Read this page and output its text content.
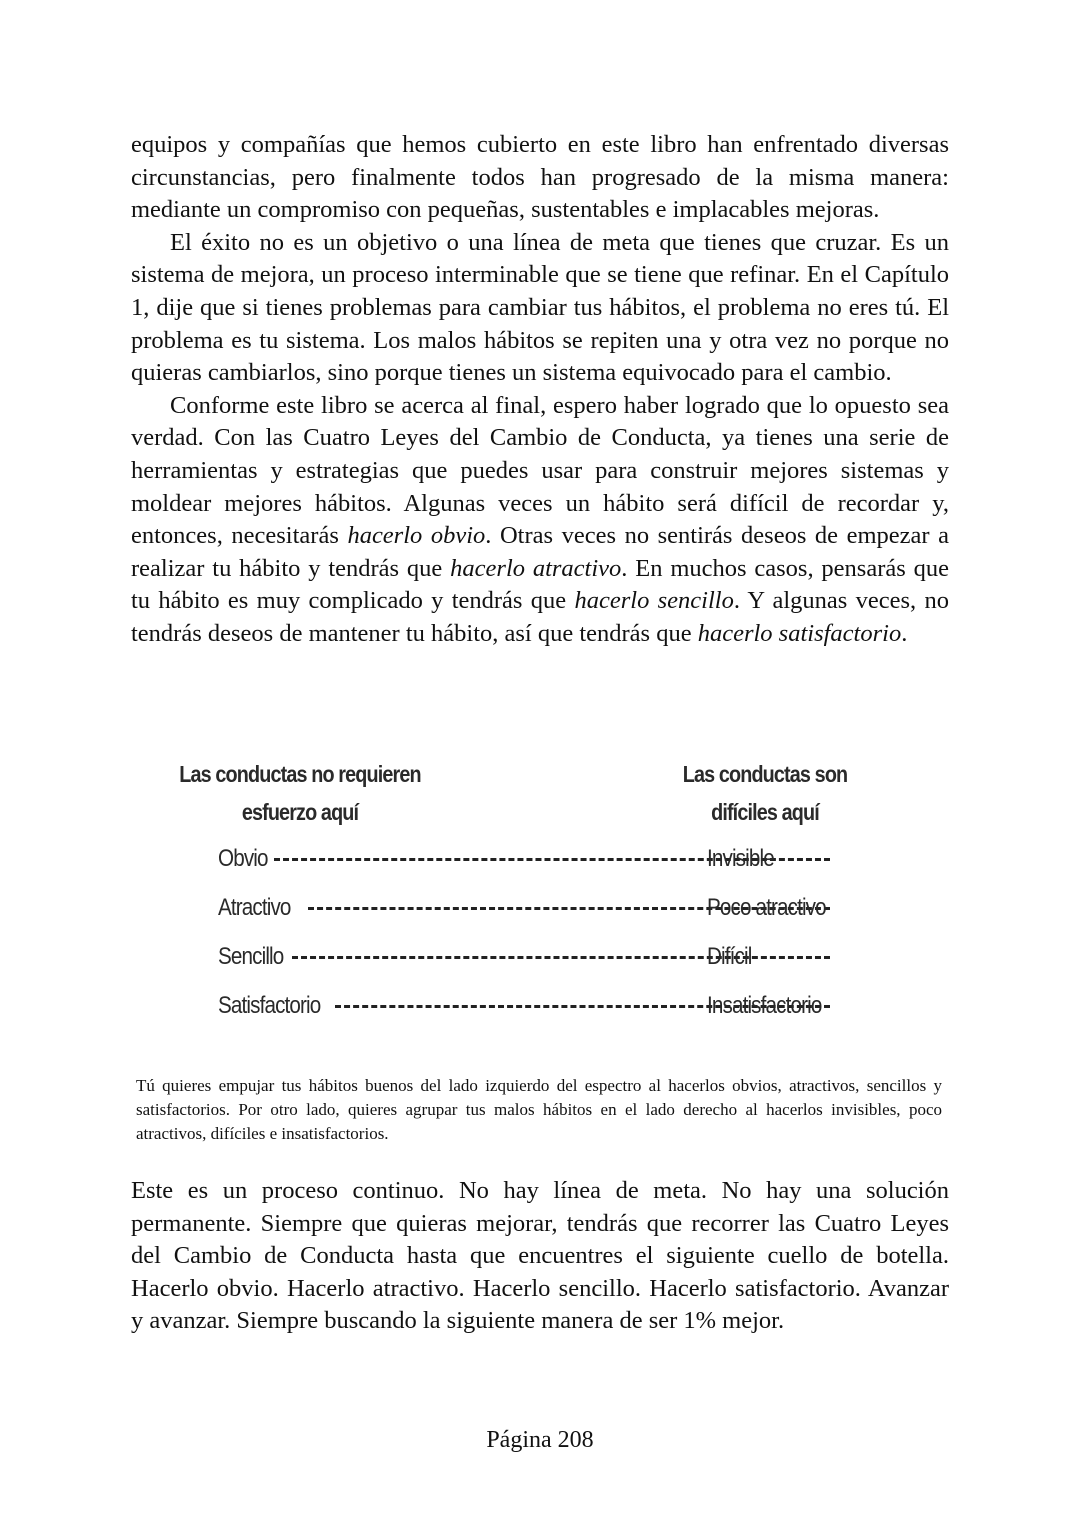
equipos y compañías que hemos cubierto en este libro han enfrentado diversas circunstancias, pero finalmente todos han progresado de la misma manera: mediante un compromiso con pequeñas, sustentables e implacables mejoras.
El éxito no es un objetivo o una línea de meta que tienes que cruzar. Es un sistema de mejora, un proceso interminable que se tiene que refinar. En el Capítulo 1, dije que si tienes problemas para cambiar tus hábitos, el problema no eres tú. El problema es tu sistema. Los malos hábitos se repiten una y otra vez no porque no quieras cambiarlos, sino porque tienes un sistema equivocado para el cambio.
Conforme este libro se acerca al final, espero haber logrado que lo opuesto sea verdad. Con las Cuatro Leyes del Cambio de Conducta, ya tienes una serie de herramientas y estrategias que puedes usar para construir mejores sistemas y moldear mejores hábitos. Algunas veces un hábito será difícil de recordar y, entonces, necesitarás hacerlo obvio. Otras veces no sentirás deseos de empezar a realizar tu hábito y tendrás que hacerlo atractivo. En muchos casos, pensarás que tu hábito es muy complicado y tendrás que hacerlo sencillo. Y algunas veces, no tendrás deseos de mantener tu hábito, así que tendrás que hacerlo satisfactorio.
Las conductas no requieren
esfuerzo aquí
Las conductas son
difíciles aquí
Obvio	Invisible
Atractivo	Poco atractivo
Sencillo	Difícil
Satisfactorio	Insatisfactorio
Tú quieres empujar tus hábitos buenos del lado izquierdo del espectro al hacerlos obvios, atractivos, sencillos y satisfactorios. Por otro lado, quieres agrupar tus malos hábitos en el lado derecho al hacerlos invisibles, poco atractivos, difíciles e insatisfactorios.
Este es un proceso continuo. No hay línea de meta. No hay una solución permanente. Siempre que quieras mejorar, tendrás que recorrer las Cuatro Leyes del Cambio de Conducta hasta que encuentres el siguiente cuello de botella. Hacerlo obvio. Hacerlo atractivo. Hacerlo sencillo. Hacerlo satisfactorio. Avanzar y avanzar. Siempre buscando la siguiente manera de ser 1% mejor.
Página 208
